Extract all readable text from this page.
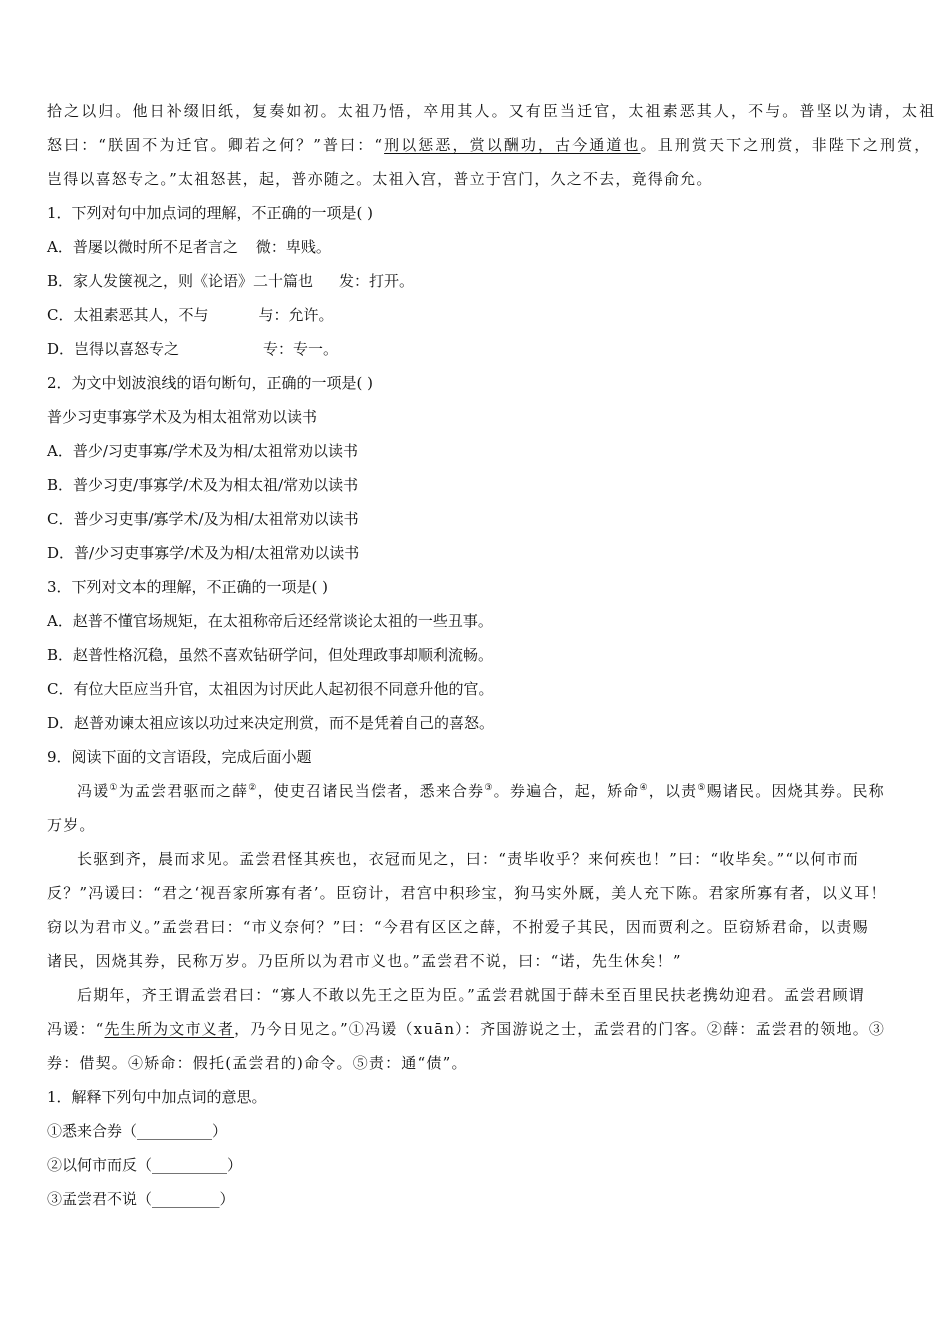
拾之以归。他日补缀旧纸，复奏如初。太祖乃悟，卒用其人。又有臣当迁官，太祖素恶其人，不与。普坚以为请，太祖
怒曰：“朕固不为迁官。卿若之何？”普曰：“刑以惩恶，赏以酬功，古今通道也。且刑赏天下之刑赏，非陛下之刑赏，
岂得以喜怒专之。”太祖怒甚，起，普亦随之。太祖入宫，普立于宫门，久之不去，竟得俞允。
1．下列对句中加点词的理解，不正确的一项是( )
A．普屡以微时所不足者言之 微：卑贱。
B．家人发箧视之，则《论语》二十篇也 发：打开。
C．太祖素恶其人，不与	与：允许。
D．岂得以喜怒专之	专：专一。
2．为文中划波浪线的语句断句，正确的一项是( )
普少习吏事寡学术及为相太祖常劝以读书
A．普少/习吏事寡/学术及为相/太祖常劝以读书
B．普少习吏/事寡学/术及为相太祖/常劝以读书
C．普少习吏事/寡学术/及为相/太祖常劝以读书
D．普/少习吏事寡学/术及为相/太祖常劝以读书
3．下列对文本的理解，不正确的一项是( )
A．赵普不懂官场规矩，在太祖称帝后还经常谈论太祖的一些丑事。
B．赵普性格沉稳，虽然不喜欢钻研学问，但处理政事却顺利流畅。
C．有位大臣应当升官，太祖因为讨厌此人起初很不同意升他的官。
D．赵普劝谏太祖应该以功过来决定刑赏，而不是凭着自己的喜怒。
9．阅读下面的文言语段，完成后面小题
冯谖①为孟尝君驱而之薛②，使吏召诸民当偿者，悉来合券③。券遍合，起，矫命④，以责⑤赐诸民。因烧其券。民称
万岁。
长驱到齐，晨而求见。孟尝君怪其疾也，衣冠而见之，曰：“责毕收乎？来何疾也！”曰：“收毕矣。”“以何市而
反？”冯谖曰：“君之‘视吾家所寡有者’。臣窃计，君宫中积珍宝，狗马实外厩，美人充下陈。君家所寡有者，以义耳！
窃以为君市义。”孟尝君曰：“市义奈何？”曰：“今君有区区之薛，不拊爱子其民，因而贾利之。臣窃矫君命，以责赐
诸民，因烧其券，民称万岁。乃臣所以为君市义也。”孟尝君不说，曰：“诺，先生休矣！”
后期年，齐王谓孟尝君曰：“寡人不敢以先王之臣为臣。”孟尝君就国于薛未至百里民扶老携幼迎君。孟尝君顾谓
冯谖：“先生所为文市义者，乃今日见之。”①冯谖（xuān）：齐国游说之士，孟尝君的门客。②薛：孟尝君的领地。③
券：借契。④矫命：假托(孟尝君的)命令。⑤责：通“债”。
1．解释下列句中加点词的意思。
①悉来合券（__________）
②以何市而反（__________）
③孟尝君不说（_________）
